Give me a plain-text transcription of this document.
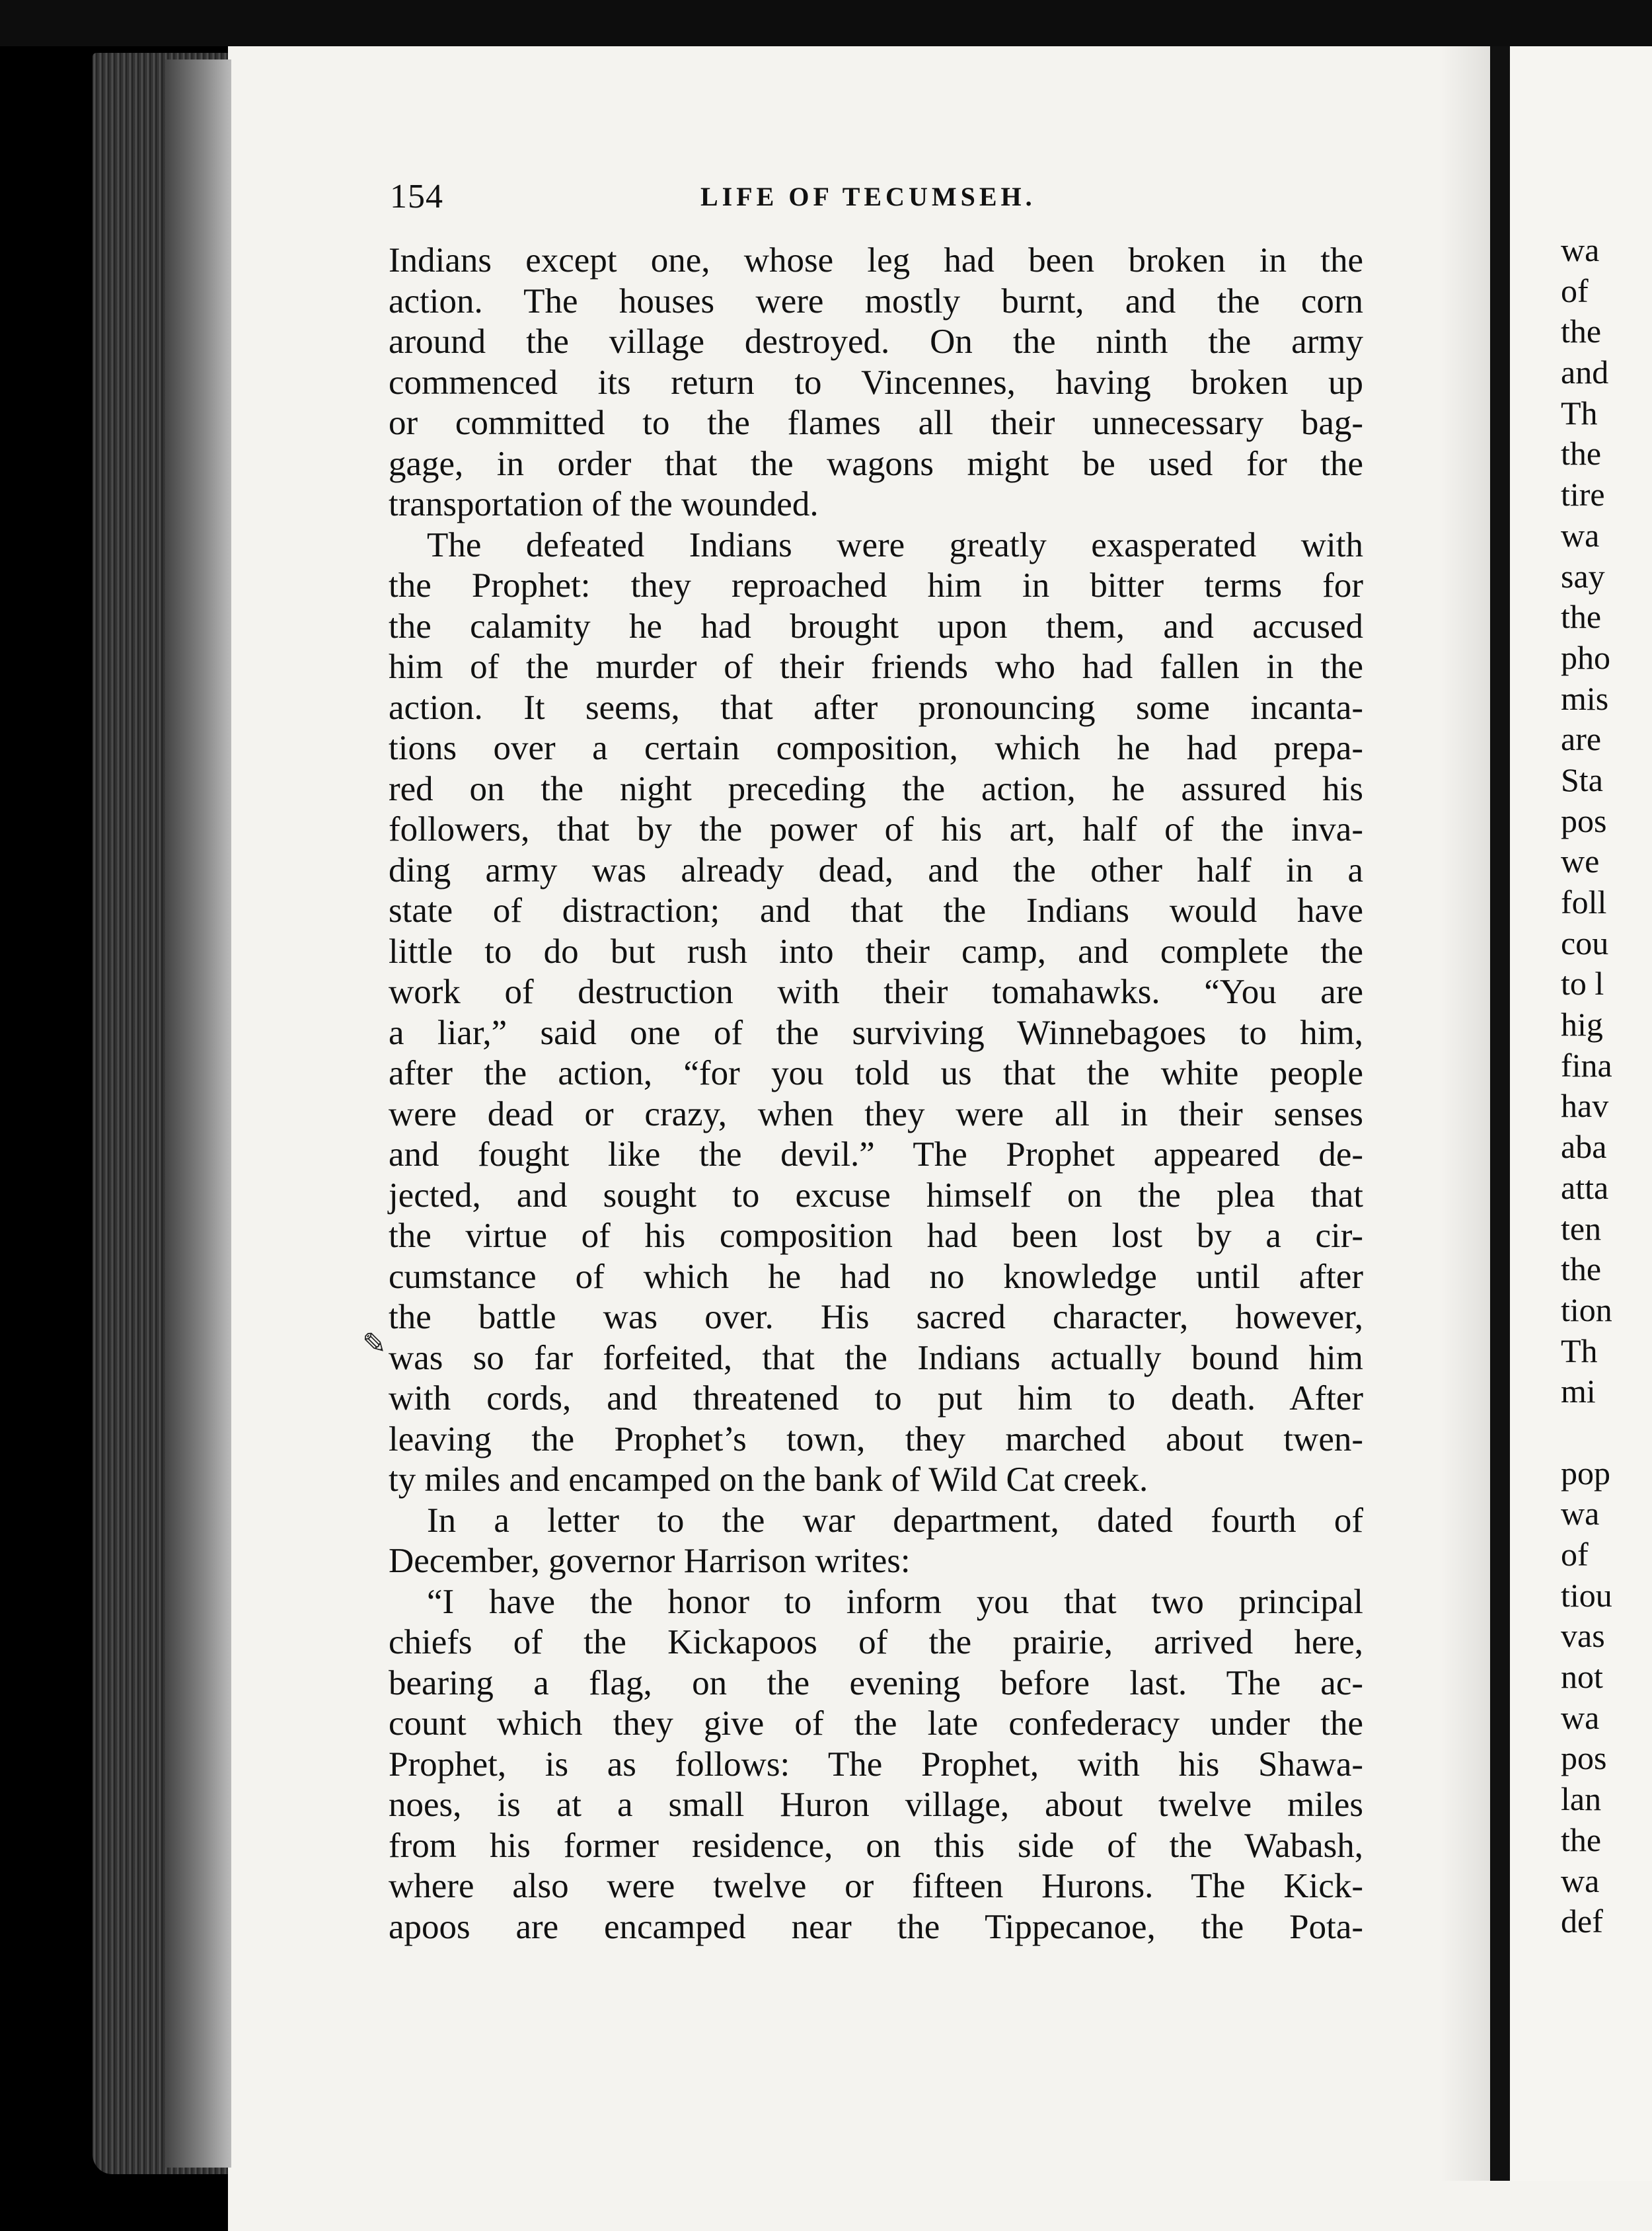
154	LIFE OF TECUMSEH.
✎
Indians except one, whose leg had been broken in the
action. The houses were mostly burnt, and the corn
around the village destroyed. On the ninth the army
commenced its return to Vincennes, having broken up
or committed to the flames all their unnecessary bag-
gage, in order that the wagons might be used for the
transportation of the wounded.
The defeated Indians were greatly exasperated with
the Prophet: they reproached him in bitter terms for
the calamity he had brought upon them, and accused
him of the murder of their friends who had fallen in the
action. It seems, that after pronouncing some incanta-
tions over a certain composition, which he had prepa-
red on the night preceding the action, he assured his
followers, that by the power of his art, half of the inva-
ding army was already dead, and the other half in a
state of distraction; and that the Indians would have
little to do but rush into their camp, and complete the
work of destruction with their tomahawks. “You are
a liar,” said one of the surviving Winnebagoes to him,
after the action, “for you told us that the white people
were dead or crazy, when they were all in their senses
and fought like the devil.” The Prophet appeared de-
jected, and sought to excuse himself on the plea that
the virtue of his composition had been lost by a cir-
cumstance of which he had no knowledge until after
the battle was over. His sacred character, however,
was so far forfeited, that the Indians actually bound him
with cords, and threatened to put him to death. After
leaving the Prophet’s town, they marched about twen-
ty miles and encamped on the bank of Wild Cat creek.
In a letter to the war department, dated fourth of
December, governor Harrison writes:
“I have the honor to inform you that two principal
chiefs of the Kickapoos of the prairie, arrived here,
bearing a flag, on the evening before last. The ac-
count which they give of the late confederacy under the
Prophet, is as follows: The Prophet, with his Shawa-
noes, is at a small Huron village, about twelve miles
from his former residence, on this side of the Wabash,
where also were twelve or fifteen Hurons. The Kick-
apoos are encamped near the Tippecanoe, the Pota-
wa
of
the
and
Th
the
tire
wa
say
the
pho
mis
are
Sta
pos
we
foll
cou
to l
hig
fina
hav
aba
atta
ten
the
tion
Th
mi
pop
wa
of
tiou
vas
not
wa
pos
lan
the
wa
def
